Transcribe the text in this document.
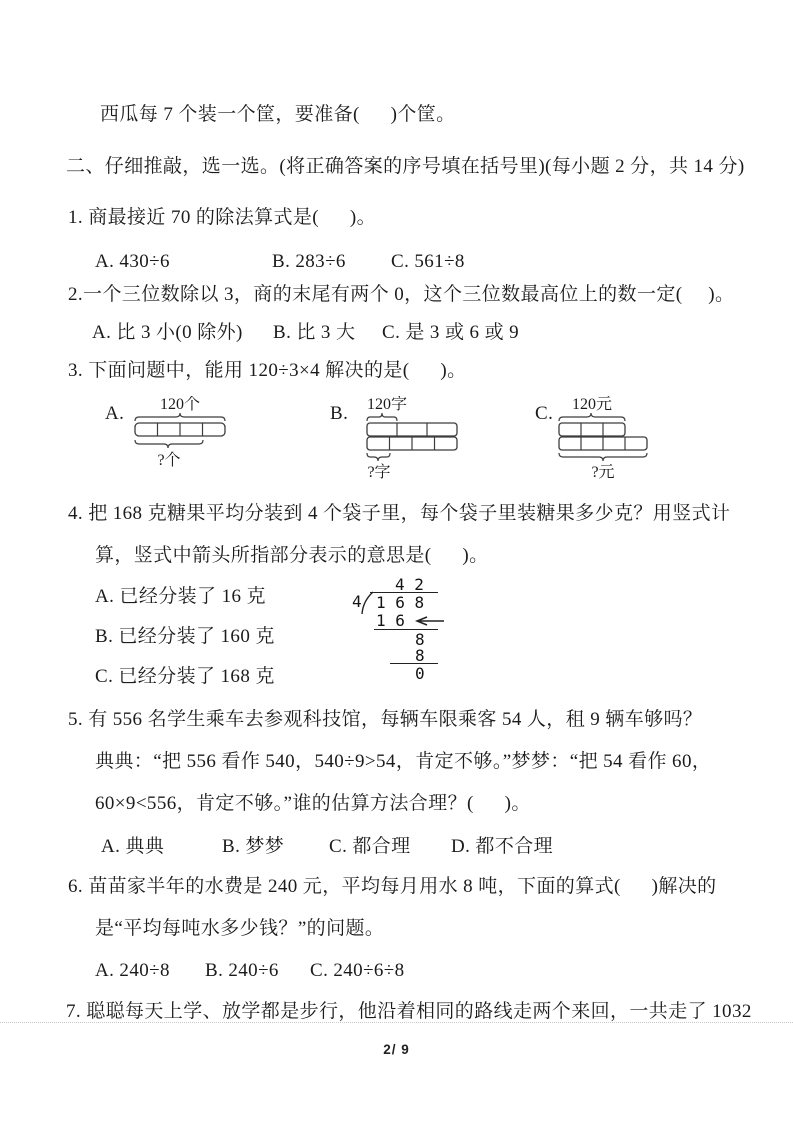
西瓜每 7 个装一个筐，要准备(      )个筐。
二、仔细推敲，选一选。(将正确答案的序号填在括号里)(每小题 2 分，共 14 分)
1. 商最接近 70 的除法算式是(      )。
A. 430÷6	B. 283÷6	C. 561÷8
2.一个三位数除以 3，商的末尾有两个 0，这个三位数最高位上的数一定(     )。
A. 比 3 小(0 除外)	B. 比 3 大	C. 是 3 或 6 或 9
3. 下面问题中，能用 120÷3×4 解决的是(      )。
A. 120个
?个
B. 120字
?字
C. 120元
?元
4. 把 168 克糖果平均分装到 4 个袋子里，每个袋子里装糖果多少克？用竖式计
算，竖式中箭头所指部分表示的意思是(      )。
A. 已经分装了 16 克
B. 已经分装了 160 克
C. 已经分装了 168 克
4 2
4 1 6 8
1 6
8
8
0
5. 有 556 名学生乘车去参观科技馆，每辆车限乘客 54 人，租 9 辆车够吗？
典典：“把 556 看作 540，540÷9>54，肯定不够。”梦梦：“把 54 看作 60，
60×9<556，肯定不够。”谁的估算方法合理？(      )。
A. 典典	B. 梦梦	C. 都合理	D. 都不合理
6. 苗苗家半年的水费是 240 元，平均每月用水 8 吨，下面的算式(      )解决的
是“平均每吨水多少钱？”的问题。
A. 240÷8	B. 240÷6	C. 240÷6÷8
7. 聪聪每天上学、放学都是步行，他沿着相同的路线走两个来回，一共走了 1032
2/ 9
